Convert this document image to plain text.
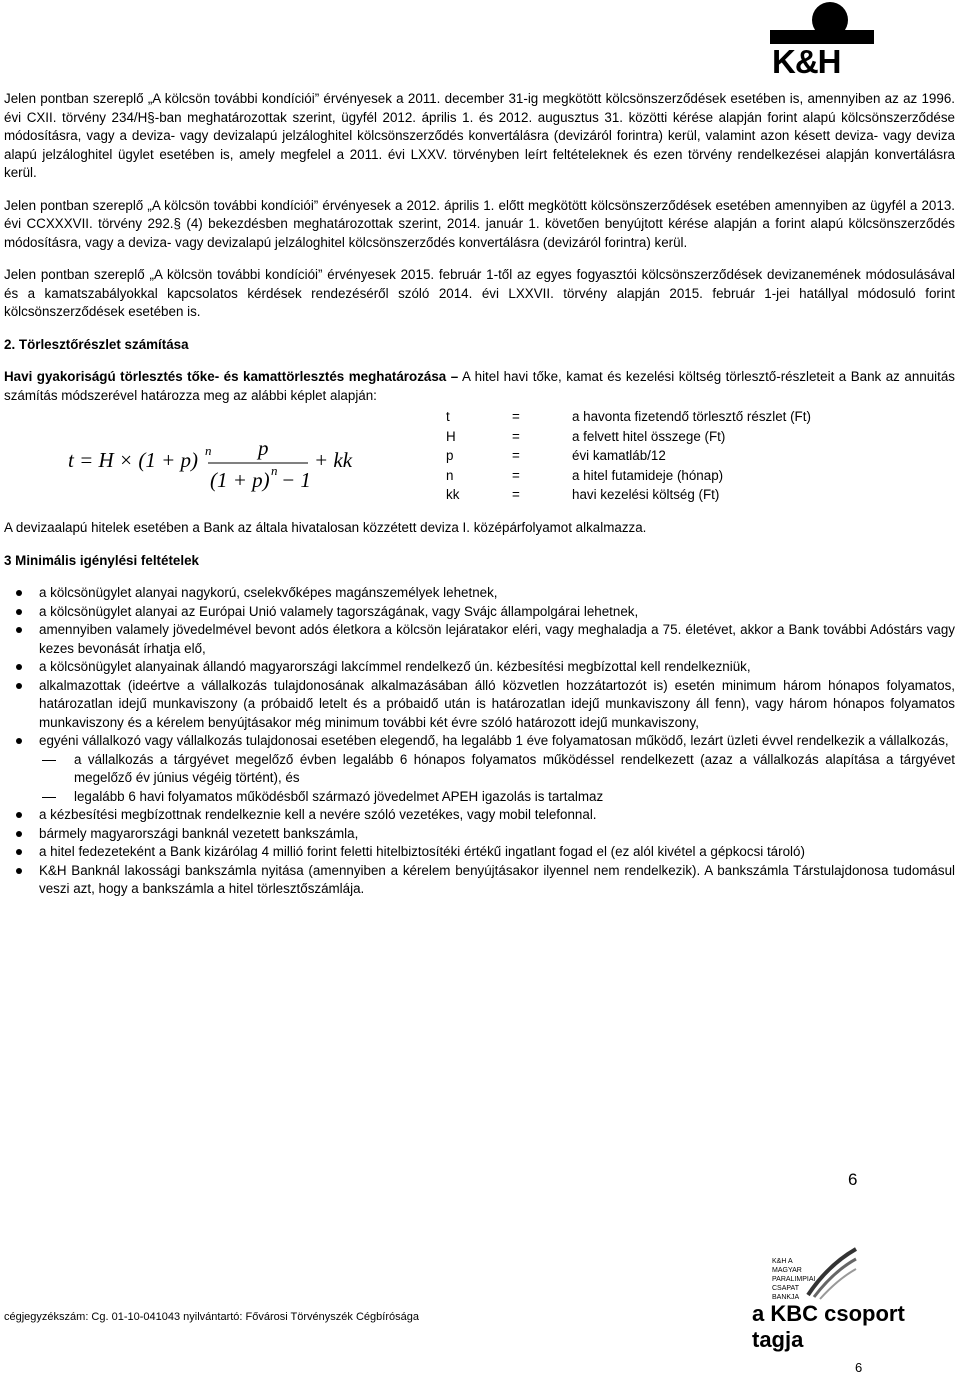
K&H

Jelen pontban szereplő „A kölcsön további kondíciói” érvényesek a 2011. december 31-ig megkötött kölcsönszerződések esetében is, amennyiben az az 1996. évi CXII. törvény 234/H§-ban meghatározottak szerint, ügyfél 2012. április 1. és 2012. augusztus 31. közötti kérése alapján forint alapú kölcsönszerződése módosításra, vagy a deviza- vagy devizalapú jelzáloghitel kölcsönszerződés konvertálásra (devizáról forintra) kerül, valamint azon késett deviza- vagy deviza alapú jelzáloghitel ügylet esetében is, amely megfelel a 2011. évi LXXV. törvényben leírt feltételeknek és ezen törvény rendelkezései alapján konvertálásra kerül.

Jelen pontban szereplő „A kölcsön további kondíciói” érvényesek a 2012. április 1. előtt megkötött kölcsönszerződések esetében amennyiben az ügyfél a 2013. évi CCXXXVII. törvény 292.§ (4) bekezdésben meghatározottak szerint, 2014. január 1. követően benyújtott kérése alapján a forint alapú kölcsönszerződés módosításra, vagy a deviza- vagy devizalapú jelzáloghitel kölcsönszerződés konvertálásra (devizáról forintra) kerül.

Jelen pontban szereplő „A kölcsön további kondíciói” érvényesek 2015. február 1-től az egyes fogyasztói kölcsönszerződések devizanemének módosulásával és a kamatszabályokkal kapcsolatos kérdések rendezéséről szóló 2014. évi LXXVII. törvény alapján 2015. február 1-jei hatállyal módosuló forint kölcsönszerződések esetében is.

2. Törlesztőrészlet számítása

Havi gyakoriságú törlesztés tőke- és kamattörlesztés meghatározása – A hitel havi tőke, kamat és kezelési költség törlesztő-részleteit a Bank az annuitás számítás módszerével határozza meg az alábbi képlet alapján:

t = H × (1 + p) n p
(1 + p) n − 1
+ kk
t	=	a havonta fizetendő törlesztő részlet (Ft)
H	=	a felvett hitel összege (Ft)
p	=	évi kamatláb/12
n	=	a hitel futamideje (hónap)
kk	=	havi kezelési költség (Ft)

A devizaalapú hitelek esetében a Bank az általa hivatalosan közzétett deviza I. középárfolyamot alkalmazza.

3 Minimális igénylési feltételek
a kölcsönügylet alanyai nagykorú, cselekvőképes magánszemélyek lehetnek,
a kölcsönügylet alanyai az Európai Unió valamely tagországának, vagy Svájc állampolgárai lehetnek,
amennyiben valamely jövedelmével bevont adós életkora a kölcsön lejáratakor eléri, vagy meghaladja a 75. életévet, akkor a Bank további Adóstárs vagy kezes bevonását írhatja elő,
a kölcsönügylet alanyainak állandó magyarországi lakcímmel rendelkező ún. kézbesítési megbízottal kell rendelkezniük,
alkalmazottak (ideértve a vállalkozás tulajdonosának alkalmazásában álló közvetlen hozzátartozót is) esetén minimum három hónapos folyamatos, határozatlan idejű munkaviszony (a próbaidő letelt és a próbaidő után is határozatlan idejű munkaviszony áll fenn), vagy három hónapos folyamatos munkaviszony és a kérelem benyújtásakor még minimum további két évre szóló határozott idejű munkaviszony,
egyéni vállalkozó vagy vállalkozás tulajdonosai esetében elegendő, ha legalább 1 éve folyamatosan működő, lezárt üzleti évvel rendelkezik a vállalkozás,
a vállalkozás a tárgyévet megelőző évben legalább 6 hónapos folyamatos működéssel rendelkezett (azaz a vállalkozás alapítása a tárgyévet megelőző év június végéig történt), és
legalább 6 havi folyamatos működésből származó jövedelmet APEH igazolás is tartalmaz
a kézbesítési megbízottnak rendelkeznie kell a nevére szóló vezetékes, vagy mobil telefonnal.
bármely magyarországi banknál vezetett bankszámla,
a hitel fedezeteként a Bank kizárólag 4 millió forint feletti hitelbiztosítéki értékű ingatlant fogad el (ez alól kivétel a gépkocsi tároló)
K&H Banknál lakossági bankszámla nyitása (amennyiben a kérelem benyújtásakor ilyennel nem rendelkezik). A bankszámla Társtulajdonosa tudomásul veszi azt, hogy a bankszámla a hitel törlesztőszámlája.
6
K&H A MAGYAR PARALIMPIAI CSAPAT BANKJA
cégjegyzékszám: Cg. 01-10-041043 nyilvántartó: Fővárosi Törvényszék Cégbírósága	a KBC csoport tagja
6
